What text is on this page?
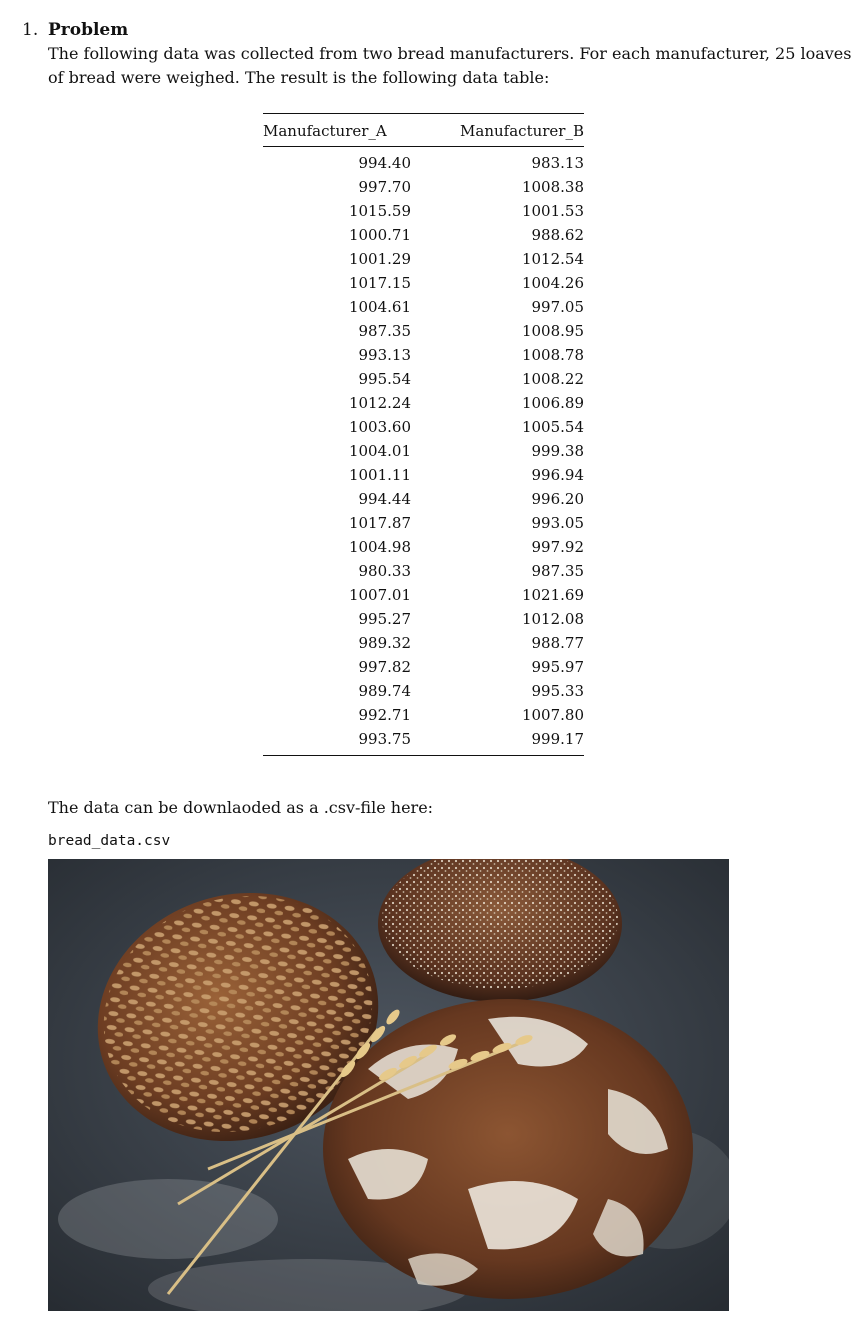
1. Problem

The following data was collected from two bread manufacturers. For each manufacturer, 25 loaves of bread were weighed. The result is the following data table:

Manufacturer_A	Manufacturer_B
994.40	983.13
997.70	1008.38
1015.59	1001.53
1000.71	988.62
1001.29	1012.54
1017.15	1004.26
1004.61	997.05
987.35	1008.95
993.13	1008.78
995.54	1008.22
1012.24	1006.89
1003.60	1005.54
1004.01	999.38
1001.11	996.94
994.44	996.20
1017.87	993.05
1004.98	997.92
980.33	987.35
1007.01	1021.69
995.27	1012.08
989.32	988.77
997.82	995.97
989.74	995.33
992.71	1007.80
993.75	999.17

The data can be downlaoded as a .csv-file here:

bread_data.csv
